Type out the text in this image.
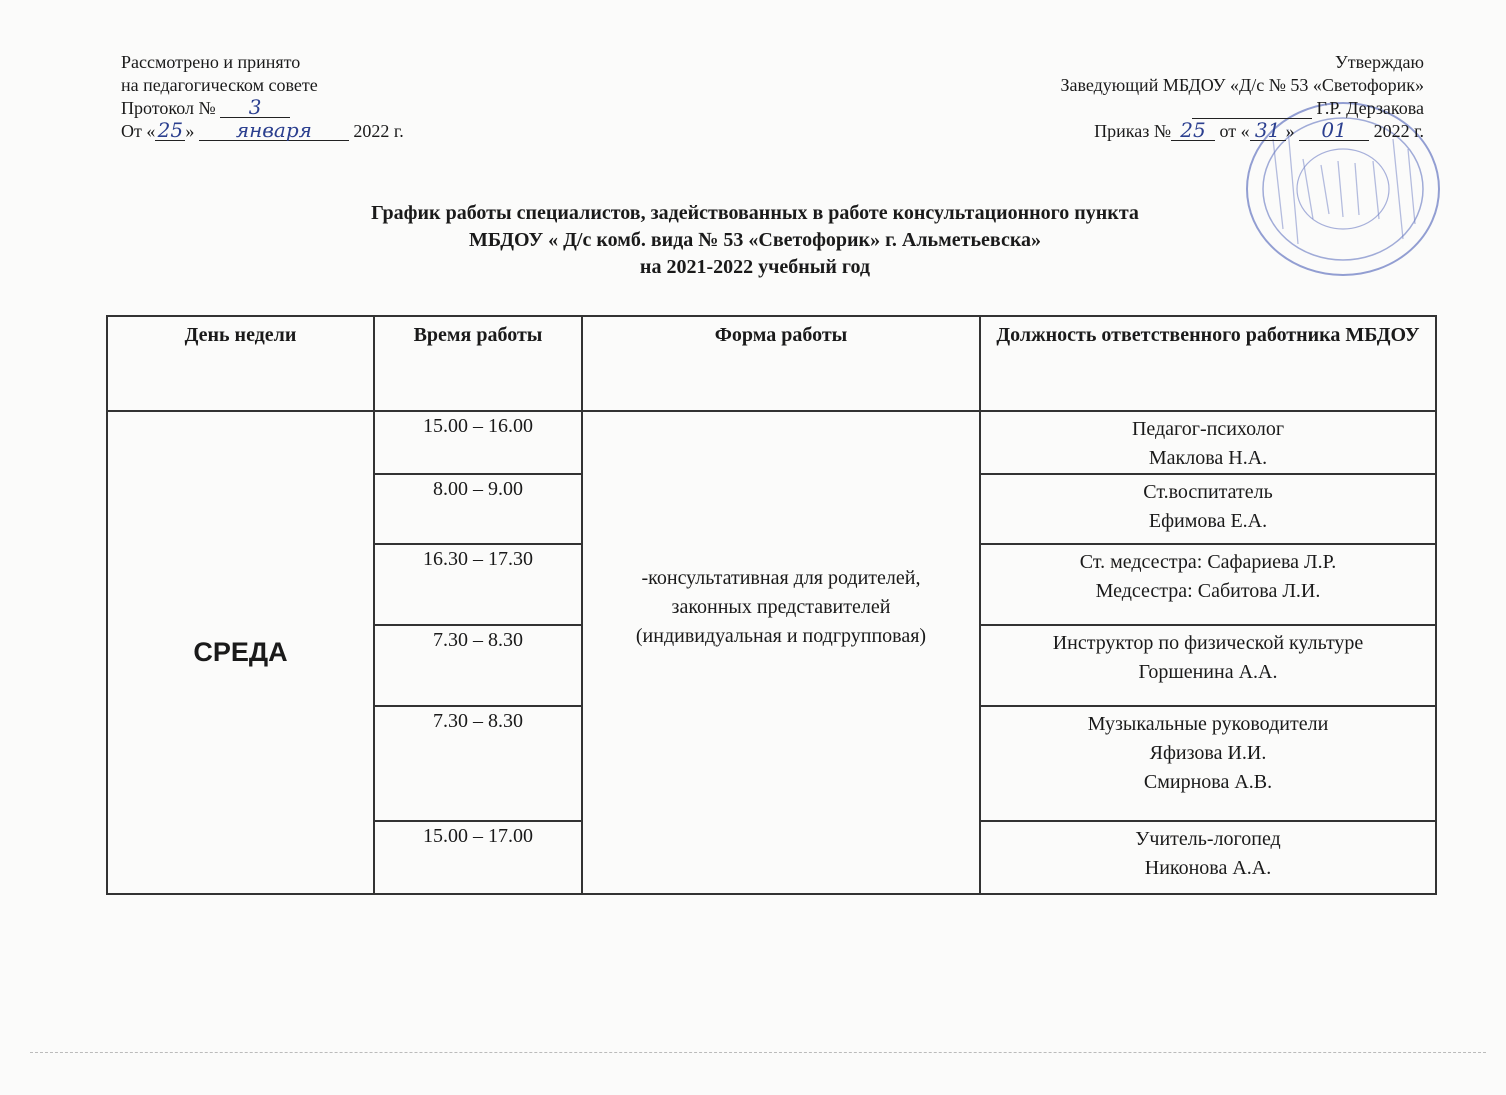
Рассмотрено и принято
на педагогическом совете
Протокол № 3
От « 25 » января 2022 г.
Утверждаю
Заведующий МБДОУ «Д/с № 53 «Светофорик»
Г.Р. Дерзакова
Приказ № 25 от « 31 » 01 2022 г.
График работы специалистов, задействованных в работе консультационного пункта
МБДОУ « Д/с комб. вида № 53 «Светофорик» г. Альметьевска»
на 2021-2022 учебный год
День недели	Время работы	Форма работы	Должность ответственного работника МБДОУ
СРЕДА	15.00 – 16.00	-консультативная для родителей,
законных представителей
(индивидуальная и подгрупповая)	Педагог-психолог
Маклова Н.А.

	8.00 – 9.00		Ст.воспитатель
Ефимова Е.А.

	16.30 – 17.30		Ст. медсестра: Сафариева Л.Р.
Медсестра: Сабитова Л.И.

	7.30 – 8.30		Инструктор по физической культуре
Горшенина А.А.

	7.30 – 8.30		Музыкальные руководители
Яфизова И.И.
Смирнова А.В.

	15.00 – 17.00		Учитель-логопед
Никонова А.А.
